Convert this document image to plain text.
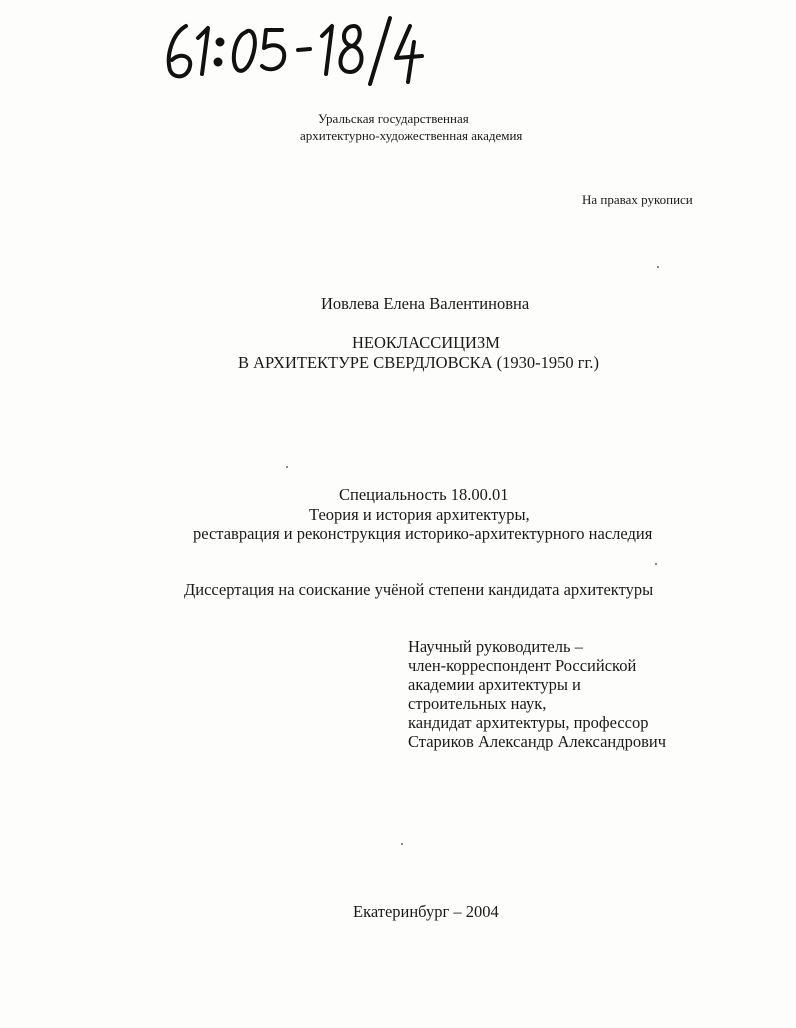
Уральская государственная
архитектурно-художественная академия
На правах рукописи
Иовлева Елена Валентиновна
НЕОКЛАССИЦИЗМ
В АРХИТЕКТУРЕ СВЕРДЛОВСКА (1930-1950 гг.)
Специальность 18.00.01
Теория и история архитектуры,
реставрация и реконструкция историко-архитектурного наследия
Диссертация на соискание учёной степени кандидата архитектуры
Научный руководитель –
член-корреспондент Российской
академии архитектуры и
строительных наук,
кандидат архитектуры, профессор
Стариков Александр Александрович
Екатеринбург – 2004
